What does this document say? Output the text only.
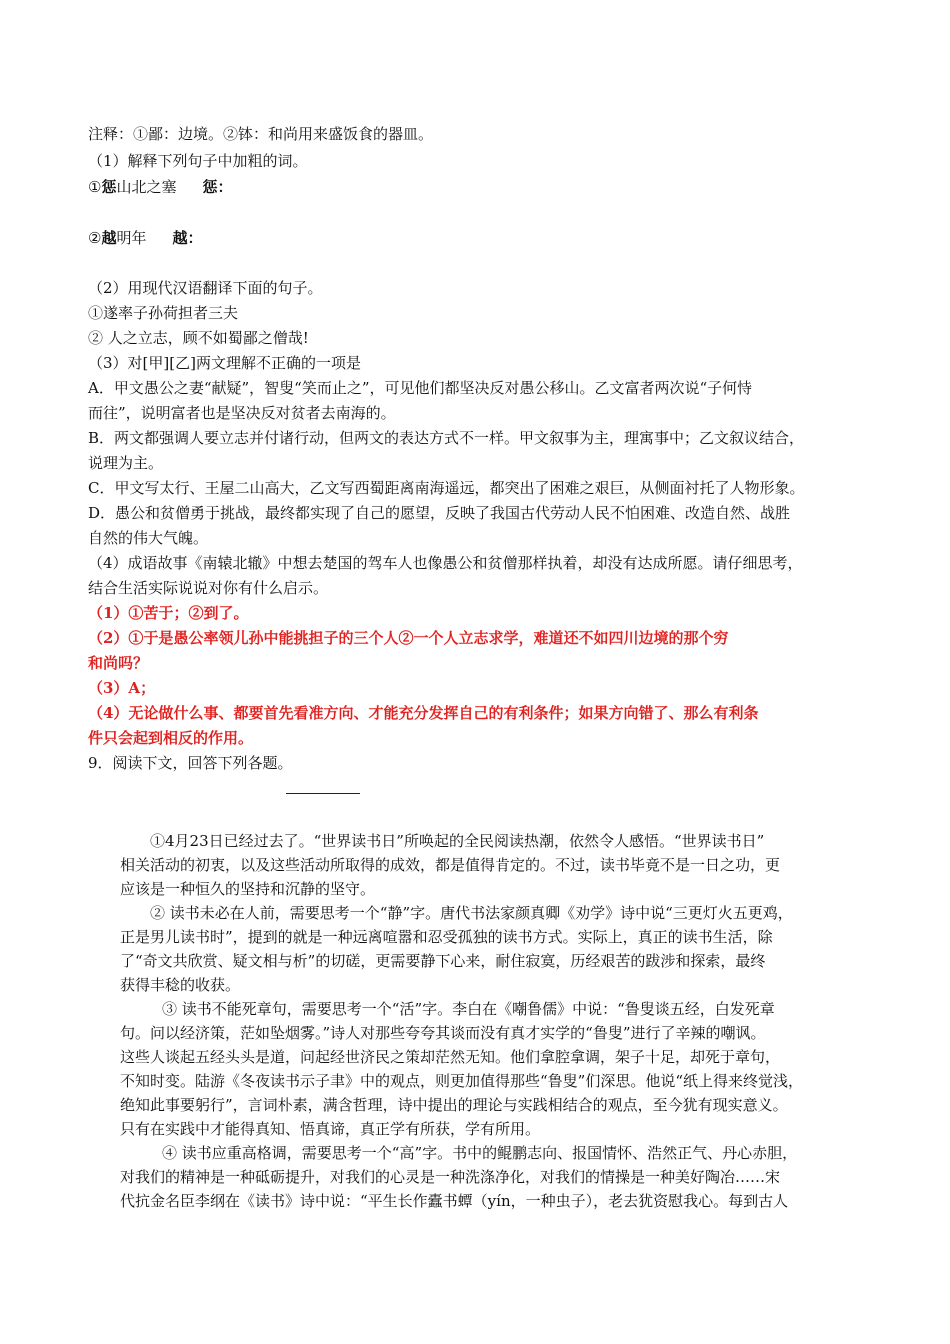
注释：①鄙：边境。②钵：和尚用来盛饭食的器皿。
（1）解释下列句子中加粗的词。
①惩山北之塞 惩：
②越明年 越：
（2）用现代汉语翻译下面的句子。
①遂率子孙荷担者三夫
② 人之立志，顾不如蜀鄙之僧哉!
（3）对[甲][乙]两文理解不正确的一项是
A．甲文愚公之妻“献疑”，智叟“笑而止之”，可见他们都坚决反对愚公移山。乙文富者两次说“子何恃
而往”，说明富者也是坚决反对贫者去南海的。
B．两文都强调人要立志并付诸行动，但两文的表达方式不一样。甲文叙事为主，理寓事中；乙文叙议结合，
说理为主。
C．甲文写太行、王屋二山高大，乙文写西蜀距离南海遥远，都突出了困难之艰巨，从侧面衬托了人物形象。
D．愚公和贫僧勇于挑战，最终都实现了自己的愿望，反映了我国古代劳动人民不怕困难、改造自然、战胜
自然的伟大气魄。
（4）成语故事《南辕北辙》中想去楚国的驾车人也像愚公和贫僧那样执着，却没有达成所愿。请仔细思考，
结合生活实际说说对你有什么启示。
（1）①苦于；②到了。
（2）①于是愚公率领儿孙中能挑担子的三个人②一个人立志求学，难道还不如四川边境的那个穷
和尚吗？
（3）A；
（4）无论做什么事、都要首先看准方向、才能充分发挥自己的有利条件；如果方向错了、那么有利条
件只会起到相反的作用。
9．阅读下文，回答下列各题。
①4月23日已经过去了。“世界读书日”所唤起的全民阅读热潮，依然令人感悟。“世界读书日”
相关活动的初衷，以及这些活动所取得的成效，都是值得肯定的。不过，读书毕竟不是一日之功，更
应该是一种恒久的坚持和沉静的坚守。
② 读书未必在人前，需要思考一个“静”字。唐代书法家颜真卿《劝学》诗中说“三更灯火五更鸡，
正是男儿读书时”，提到的就是一种远离喧嚣和忍受孤独的读书方式。实际上，真正的读书生活，除
了“奇文共欣赏、疑文相与析”的切磋，更需要静下心来，耐住寂寞，历经艰苦的跋涉和探索，最终
获得丰稔的收获。
③ 读书不能死章句，需要思考一个“活”字。李白在《嘲鲁儒》中说：“鲁叟谈五经，白发死章
句。问以经济策，茫如坠烟雾。”诗人对那些夸夸其谈而没有真才实学的“鲁叟”进行了辛辣的嘲讽。
这些人谈起五经头头是道，问起经世济民之策却茫然无知。他们拿腔拿调，架子十足，却死于章句，
不知时变。陆游《冬夜读书示子聿》中的观点，则更加值得那些“鲁叟”们深思。他说“纸上得来终觉浅，
绝知此事要躬行”，言词朴素，满含哲理，诗中提出的理论与实践相结合的观点，至今犹有现实意义。
只有在实践中才能得真知、悟真谛，真正学有所获，学有所用。
④ 读书应重高格调，需要思考一个“高”字。书中的鲲鹏志向、报国情怀、浩然正气、丹心赤胆，
对我们的精神是一种砥砺提升，对我们的心灵是一种洗涤净化，对我们的情操是一种美好陶冶……宋
代抗金名臣李纲在《读书》诗中说：“平生长作蠹书蟫（yín，一种虫子），老去犹资慰我心。每到古人
